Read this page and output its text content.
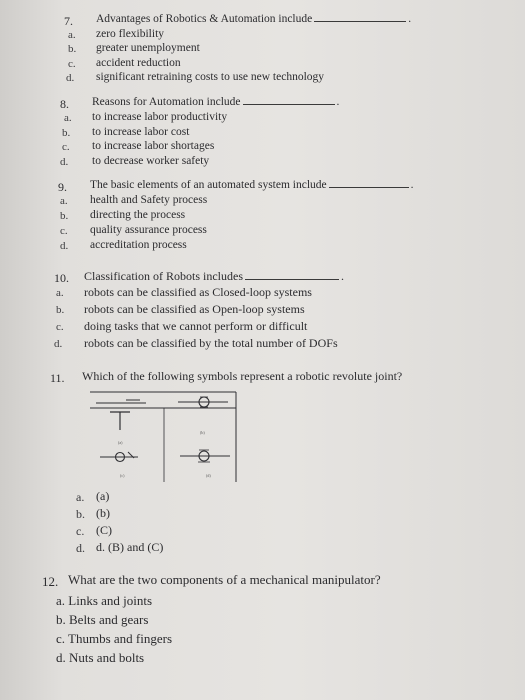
7. Advantages of Robotics & Automation include	.
a. zero flexibility
b. greater unemployment
c. accident reduction
d. significant retraining costs to use new technology
8. Reasons for Automation include	.
a. to increase labor productivity
b. to increase labor cost
c. to increase labor shortages
d. to decrease worker safety
9. The basic elements of an automated system include	.
a. health and Safety process
b. directing the process
c. quality assurance process
d. accreditation process
10. Classification of Robots includes	.
a. robots can be classified as Closed-loop systems
b. robots can be classified as Open-loop systems
c. doing tasks that we cannot perform or difficult
d. robots can be classified by the total number of DOFs
11. Which of the following symbols represent a robotic revolute joint?
(a)
(b)
(c)	(d)
a. (a)
b. (b)
c. (C)
d. d. (B) and (C)
12. What are the two components of a mechanical manipulator?
a. Links and joints
b. Belts and gears
c. Thumbs and fingers
d. Nuts and bolts
